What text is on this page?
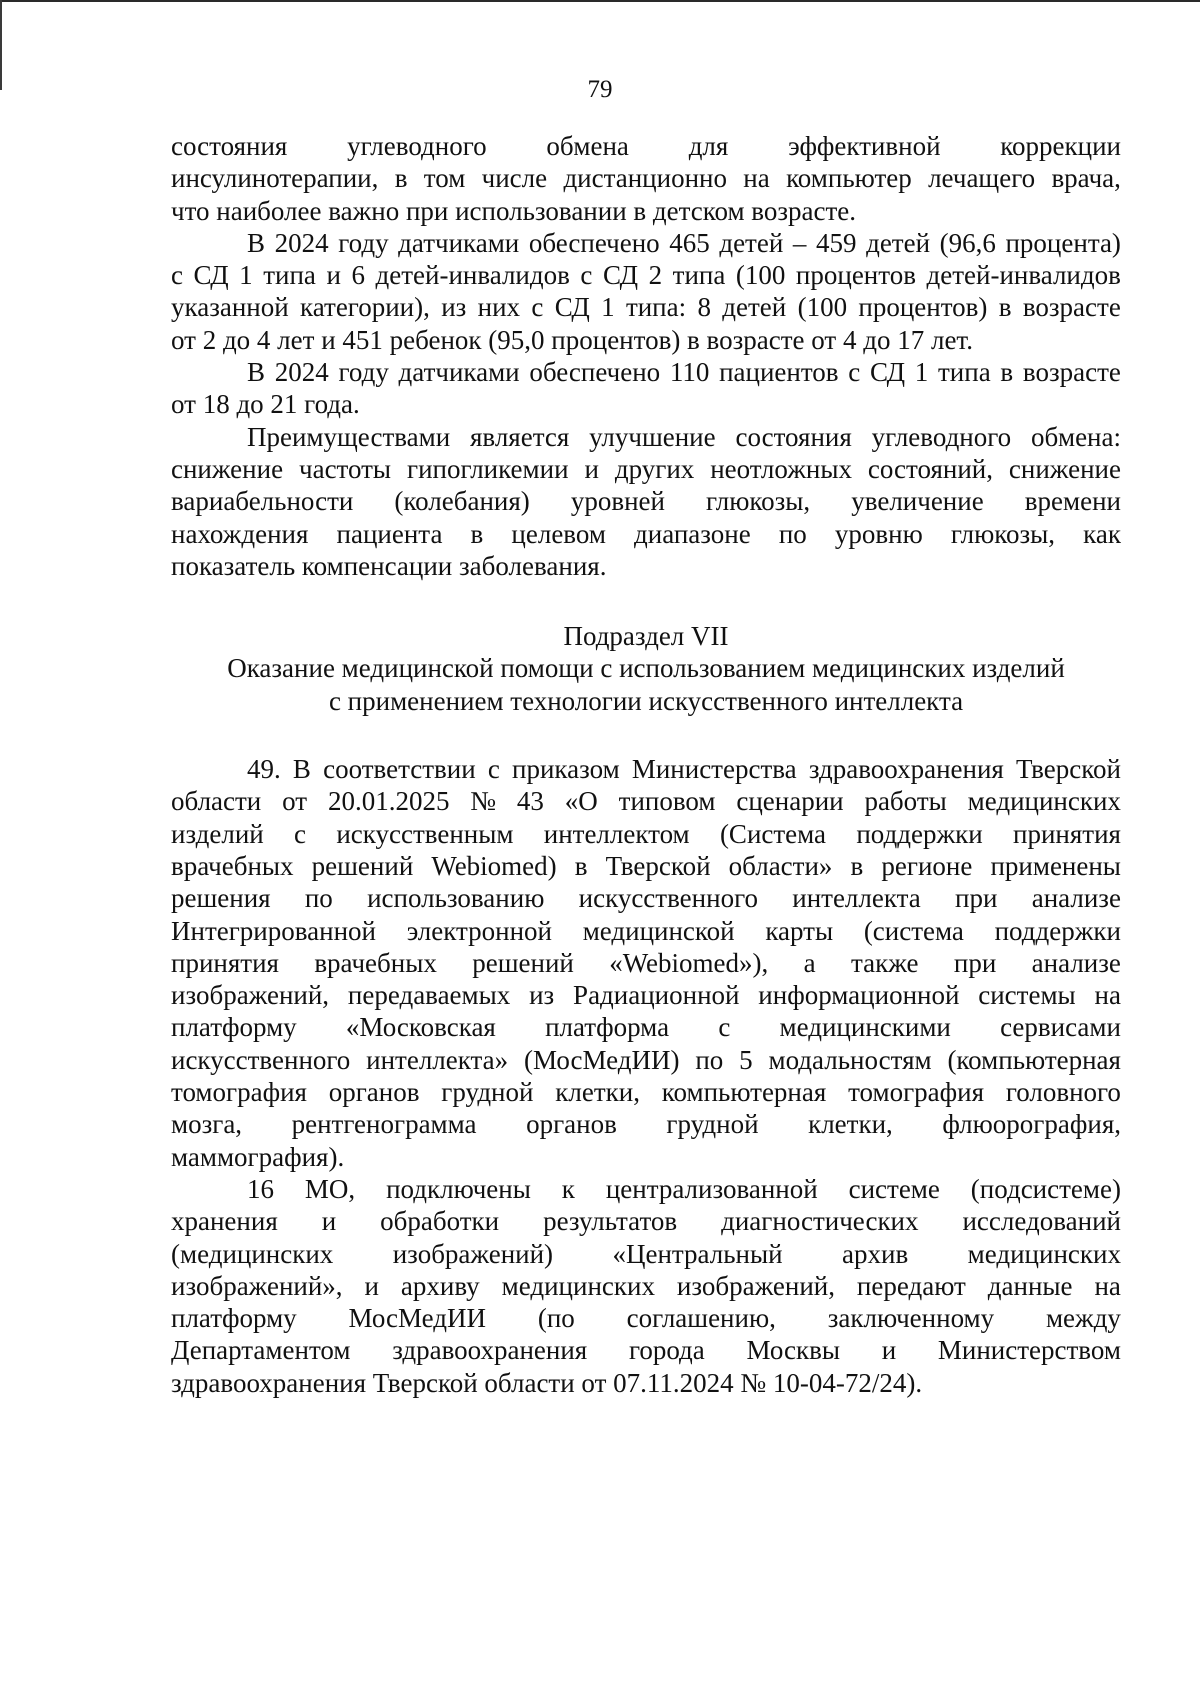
79
состояния углеводного обмена для эффективной коррекции
инсулинотерапии, в том числе дистанционно на компьютер лечащего врача,
что наиболее важно при использовании в детском возрасте.
В 2024 году датчиками обеспечено 465 детей – 459 детей (96,6 процента)
с СД 1 типа и 6 детей-инвалидов с СД 2 типа (100 процентов детей-инвалидов
указанной категории), из них с СД 1 типа: 8 детей (100 процентов) в возрасте
от 2 до 4 лет и 451 ребенок (95,0 процентов) в возрасте от 4 до 17 лет.
В 2024 году датчиками обеспечено 110 пациентов с СД 1 типа в возрасте
от 18 до 21 года.
Преимуществами является улучшение состояния углеводного обмена:
снижение частоты гипогликемии и других неотложных состояний, снижение
вариабельности (колебания) уровней глюкозы, увеличение времени
нахождения пациента в целевом диапазоне по уровню глюкозы, как
показатель компенсации заболевания.

Подраздел VII

Оказание медицинской помощи с использованием медицинских изделий

с применением технологии искусственного интеллекта

49. В соответствии с приказом Министерства здравоохранения Тверской
области от 20.01.2025 № 43 «О типовом сценарии работы медицинских
изделий с искусственным интеллектом (Система поддержки принятия
врачебных решений Webiomed) в Тверской области» в регионе применены
решения по использованию искусственного интеллекта при анализе
Интегрированной электронной медицинской карты (система поддержки
принятия врачебных решений «Webiomed»), а также при анализе
изображений, передаваемых из Радиационной информационной системы на
платформу «Московская платформа с медицинскими сервисами
искусственного интеллекта» (МосМедИИ) по 5 модальностям (компьютерная
томография органов грудной клетки, компьютерная томография головного
мозга, рентгенограмма органов грудной клетки, флюорография,
маммография).
16 МО, подключены к централизованной системе (подсистеме)
хранения и обработки результатов диагностических исследований
(медицинских изображений) «Центральный архив медицинских
изображений», и архиву медицинских изображений, передают данные на
платформу МосМедИИ (по соглашению, заключенному между
Департаментом здравоохранения города Москвы и Министерством
здравоохранения Тверской области от 07.11.2024 № 10-04-72/24).
